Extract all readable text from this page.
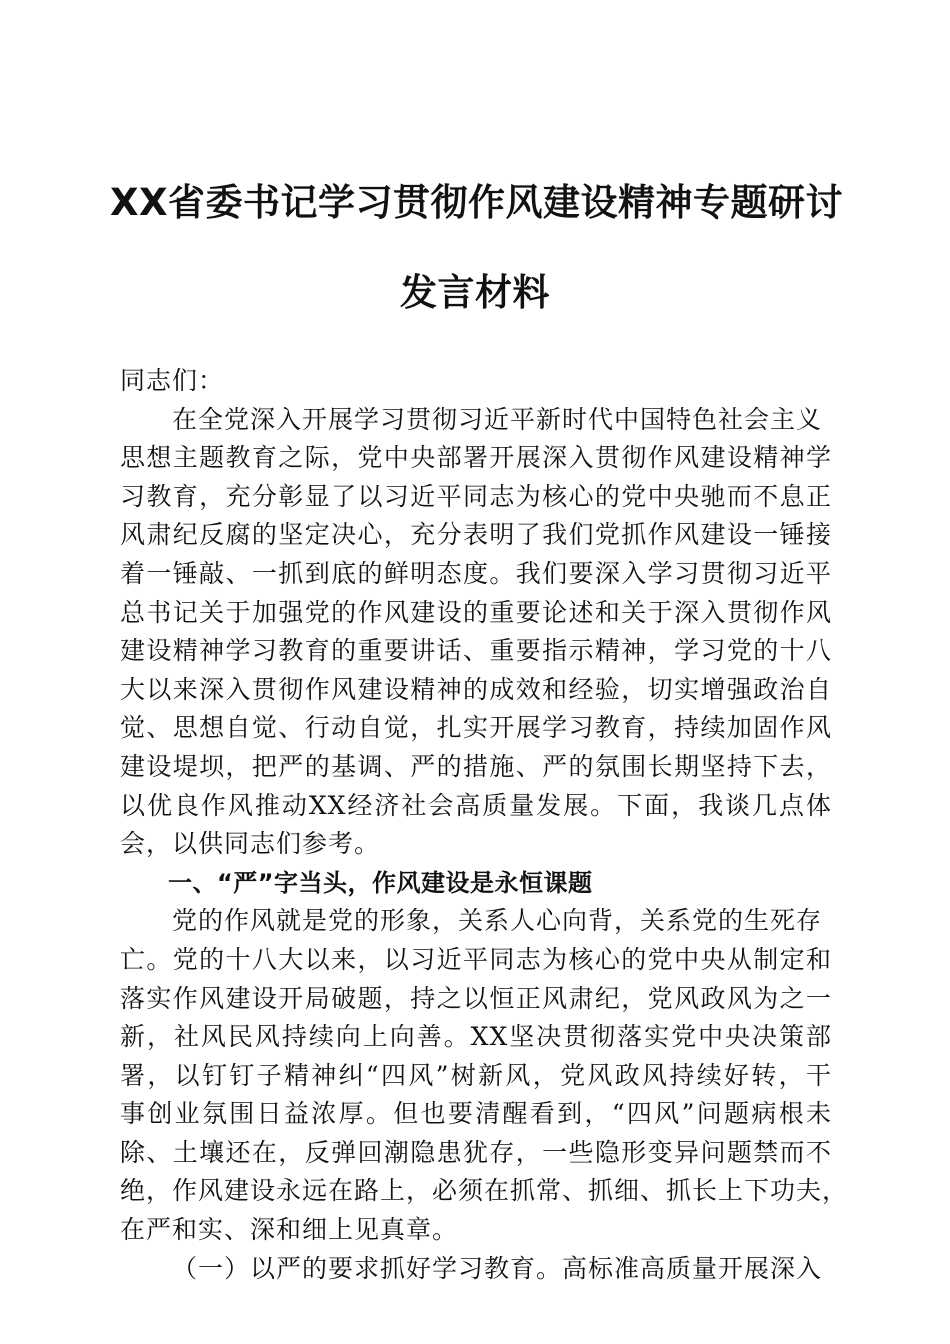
XX省委书记学习贯彻作风建设精神专题研讨
发言材料
同志们：
在全党深入开展学习贯彻习近平新时代中国特色社会主义
思想主题教育之际，党中央部署开展深入贯彻作风建设精神学
习教育，充分彰显了以习近平同志为核心的党中央驰而不息正
风肃纪反腐的坚定决心，充分表明了我们党抓作风建设一锤接
着一锤敲、一抓到底的鲜明态度。我们要深入学习贯彻习近平
总书记关于加强党的作风建设的重要论述和关于深入贯彻作风
建设精神学习教育的重要讲话、重要指示精神，学习党的十八
大以来深入贯彻作风建设精神的成效和经验，切实增强政治自
觉、思想自觉、行动自觉，扎实开展学习教育，持续加固作风
建设堤坝，把严的基调、严的措施、严的氛围长期坚持下去，
以优良作风推动XX经济社会高质量发展。下面，我谈几点体
会，以供同志们参考。
一、“严”字当头，作风建设是永恒课题
党的作风就是党的形象，关系人心向背，关系党的生死存
亡。党的十八大以来，以习近平同志为核心的党中央从制定和
落实作风建设开局破题，持之以恒正风肃纪，党风政风为之一
新，社风民风持续向上向善。XX坚决贯彻落实党中央决策部
署，以钉钉子精神纠“四风”树新风，党风政风持续好转，干
事创业氛围日益浓厚。但也要清醒看到，“四风”问题病根未
除、土壤还在，反弹回潮隐患犹存，一些隐形变异问题禁而不
绝，作风建设永远在路上，必须在抓常、抓细、抓长上下功夫，
在严和实、深和细上见真章。
（一）以严的要求抓好学习教育。高标准高质量开展深入
